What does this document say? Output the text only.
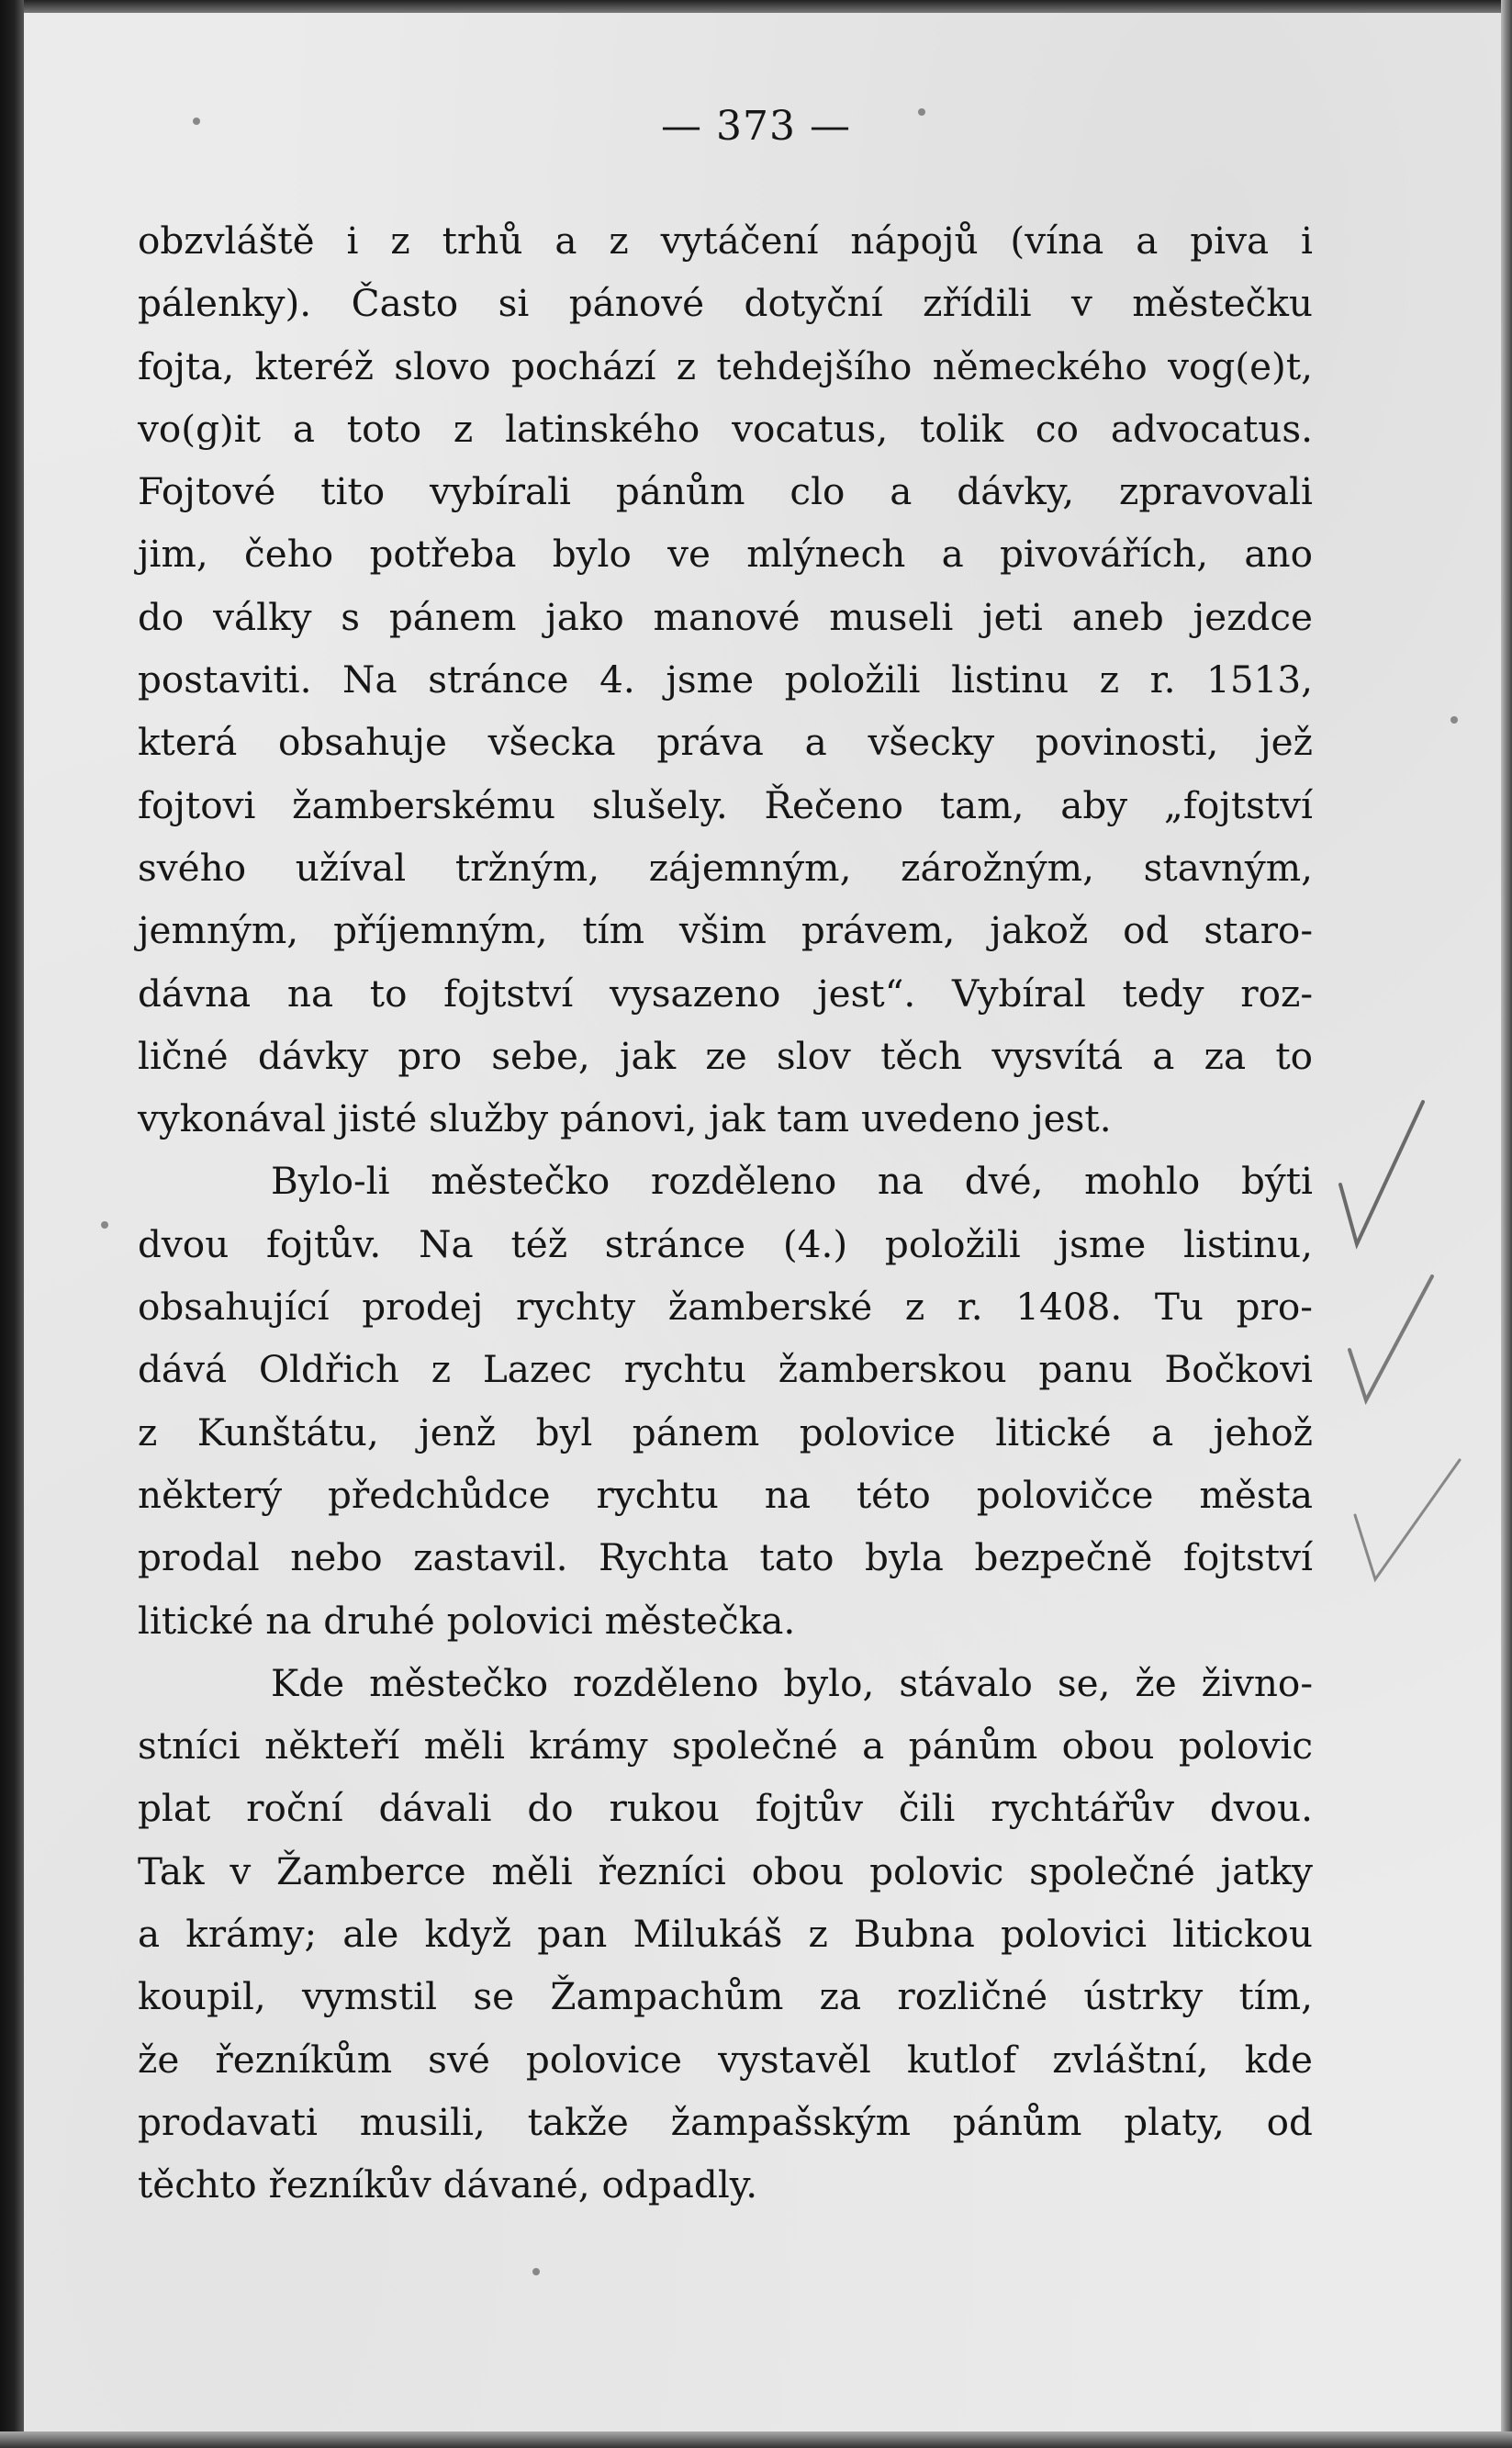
— 373 —
obzvláště i z trhů a z vytáčení nápojů (vína a piva i
pálenky). Často si pánové dotyční zřídili v městečku
fojta, kteréž slovo pochází z tehdejšího německého vog(e)t,
vo(g)it a toto z latinského vocatus, tolik co advocatus.
Fojtové tito vybírali pánům clo a dávky, zpravovali
jim, čeho potřeba bylo ve mlýnech a pivovářích, ano
do války s pánem jako manové museli jeti aneb jezdce
postaviti. Na stránce 4. jsme položili listinu z r. 1513,
která obsahuje všecka práva a všecky povinosti, jež
fojtovi žamberskému slušely. Řečeno tam, aby „fojtství
svého užíval tržným, zájemným, zárožným, stavným,
jemným, příjemným, tím všim právem, jakož od staro-
dávna na to fojtství vysazeno jest“. Vybíral tedy roz-
ličné dávky pro sebe, jak ze slov těch vysvítá a za to
vykonával jisté služby pánovi, jak tam uvedeno jest.
Bylo-li městečko rozděleno na dvé, mohlo býti
dvou fojtův. Na též stránce (4.) položili jsme listinu,
obsahující prodej rychty žamberské z r. 1408. Tu pro-
dává Oldřich z Lazec rychtu žamberskou panu Bočkovi
z Kunštátu, jenž byl pánem polovice litické a jehož
některý předchůdce rychtu na této polovičce města
prodal nebo zastavil. Rychta tato byla bezpečně fojtství
litické na druhé polovici městečka.
Kde městečko rozděleno bylo, stávalo se, že živno-
stníci někteří měli krámy společné a pánům obou polovic
plat roční dávali do rukou fojtův čili rychtářův dvou.
Tak v Žamberce měli řezníci obou polovic společné jatky
a krámy; ale když pan Milukáš z Bubna polovici litickou
koupil, vymstil se Žampachům za rozličné ústrky tím,
že řezníkům své polovice vystavěl kutlof zvláštní, kde
prodavati musili, takže žampašským pánům platy, od
těchto řezníkův dávané, odpadly.
